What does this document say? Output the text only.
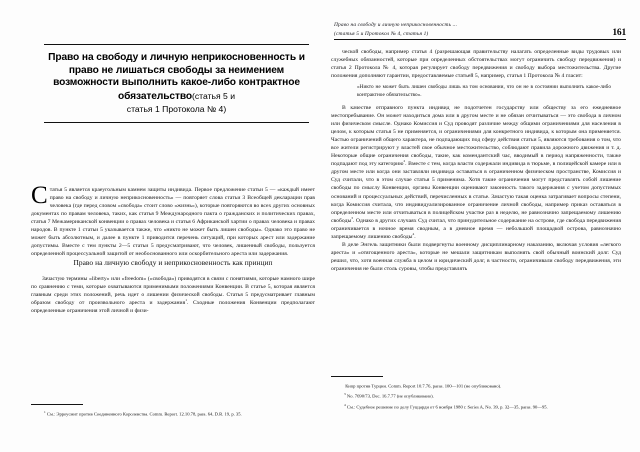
Право на свободу и личную неприкосновенность ...
(статья 5 и Протокол № 4, статья 1)	161
Право на свободу и личную неприкосновенность и право не лишаться свободы за неимением возможности выполнить какое-либо контрактное обязательство(статья 5 и
статья 1 Протокола № 4)

Статья 5 является краеугольным камнем защиты индивида. Первое предложение статьи 5 — «каждый имеет право на свободу и личную неприкосновенность» — повторяет слова статьи 3 Всеобщей декларации прав человека (где перед словом «свобода» стоит слово «жизнь»), которые повторяются во всех других основных документах по правам человека, таких, как статья 9 Международного пакта о гражданских и политических правах, статья 7 Межамериканской конвенции о правах человека и статья 6 Африканской хартии о правах человека и правах народов. В пункте 1 статьи 5 указывается также, что «никто не может быть лишен свободы». Однако это право не может быть абсолютным, и далее в пункте 1 приводится перечень ситуаций, при которых арест или задержание допустимы. Вместе с тем пункты 2—5 статьи 5 предусматривают, что человек, лишенный свободы, пользуется определенной процессуальной защитой от необоснованного или оскорбительного ареста или задержания.

Право на личную свободу и неприкосновенность как принцип

Зачастую термины «liberty» или «freedom» («свобода») приводятся в связи с понятиями, которые намного шире по сравнению с теми, которые охватываются применимыми положениями Конвенции. В статье 5, которая является главным среди этих положений, речь идет о лишении физической свободы. Статья 5 предусматривает главным образом свободу от произвольного ареста и задержания$^1$. Сходные положения Конвенции предполагают определенные ограничения этой личной и физи-

$^1$См.: Эрроусмит против Соединенного Королевства. Comm. Report. 12.10.78, para. 64, D.R. 19, p. 35.

ческой свободы, например статья 4 (разрешающая правительству налагать определенные виды трудовых или служебных обязанностей, которые при определенных обстоятельствах могут ограничить свободу передвижения) и статья 2 Протокола № 4, которая регулирует свободу передвижения и свободу выбора местожительства. Другие положения дополняют гарантии, предоставляемые статьей 5, например, статья 1 Протокола № 4 гласит:

«Никто не может быть лишен свободы лишь на том основании, что он не в состоянии выполнить какое-либо контрактное обязательство».

В качестве отправного пункта индивид не подотчетен государству или обществу за его ежедневное местопребывание. Он может находиться дома или в другом месте и не обязан отчитываться — это свобода в личном или физическом смысле. Однако Комиссия и Суд проводят различие между общими ограничениями для населения в целом, к которым статья 5 не применяется, и ограничениями для конкретного индивида, к которым она применяется. Частью ограничений общего характера, не подпадающих под сферу действия статьи 5, являются требования о том, что все жители регистрируют у властей свое обычное местожительство, соблюдают правила дорожного движения и т. д. Некоторые общие ограничения свободы, такие, как комендантский час, вводимый в период напряженности, также подпадают под эту категорию$^2$. Вместе с тем, когда власти содержали индивида в тюрьме, в полицейской камере или в другом месте или когда они заставляли индивида оставаться в ограниченном физическом пространстве, Комиссия и Суд считали, что в этом случае статья 5 применима. Хотя такие ограничения могут представлять собой лишение свободы по смыслу Конвенции, органы Конвенции оценивают законность такого задержания с учетом допустимых оснований и процессуальных действий, перечисленных в статье. Зачастую такая оценка затрагивает вопросы степени, когда Комиссия считала, что индивидуализированное ограничение личной свободы, например приказ оставаться в определенном месте или отчитываться в полицейском участке раз в неделю, не равнозначно запрещаемому лишению свободы$^3$. Однако в других случаях Суд считал, что принудительное содержание на острове, где свобода передвижения ограничивается в ночное время сводным, а в дневное время — небольшой площадкой острова, равнозначно запрещаемому лишению свободы$^4$.

В деле Энгель защитники были подвергнуты военному дисциплинарному наказанию, включая условия «легкого ареста» и «отягощенного ареста», которые не мешали защитникам выполнять свой обычный воинский долг. Суд решил, что, хотя военная служба в целом и юридический долг, в частности, ограничивали свободу передвижения, эти ограничения не были столь суровы, чтобы представлять

Кипр против Турции. Comm. Report 10.7.76, paras. 100—101 (не опубликовано).

$^3$No. 7690/73, Dec. 16.7.77 (не опубликовано).

$^4$См.: Судебное решение по делу Гуццарди от 6 ноября 1980 г. Series A, No. 39, p. 32—35, paras. 90—95.
